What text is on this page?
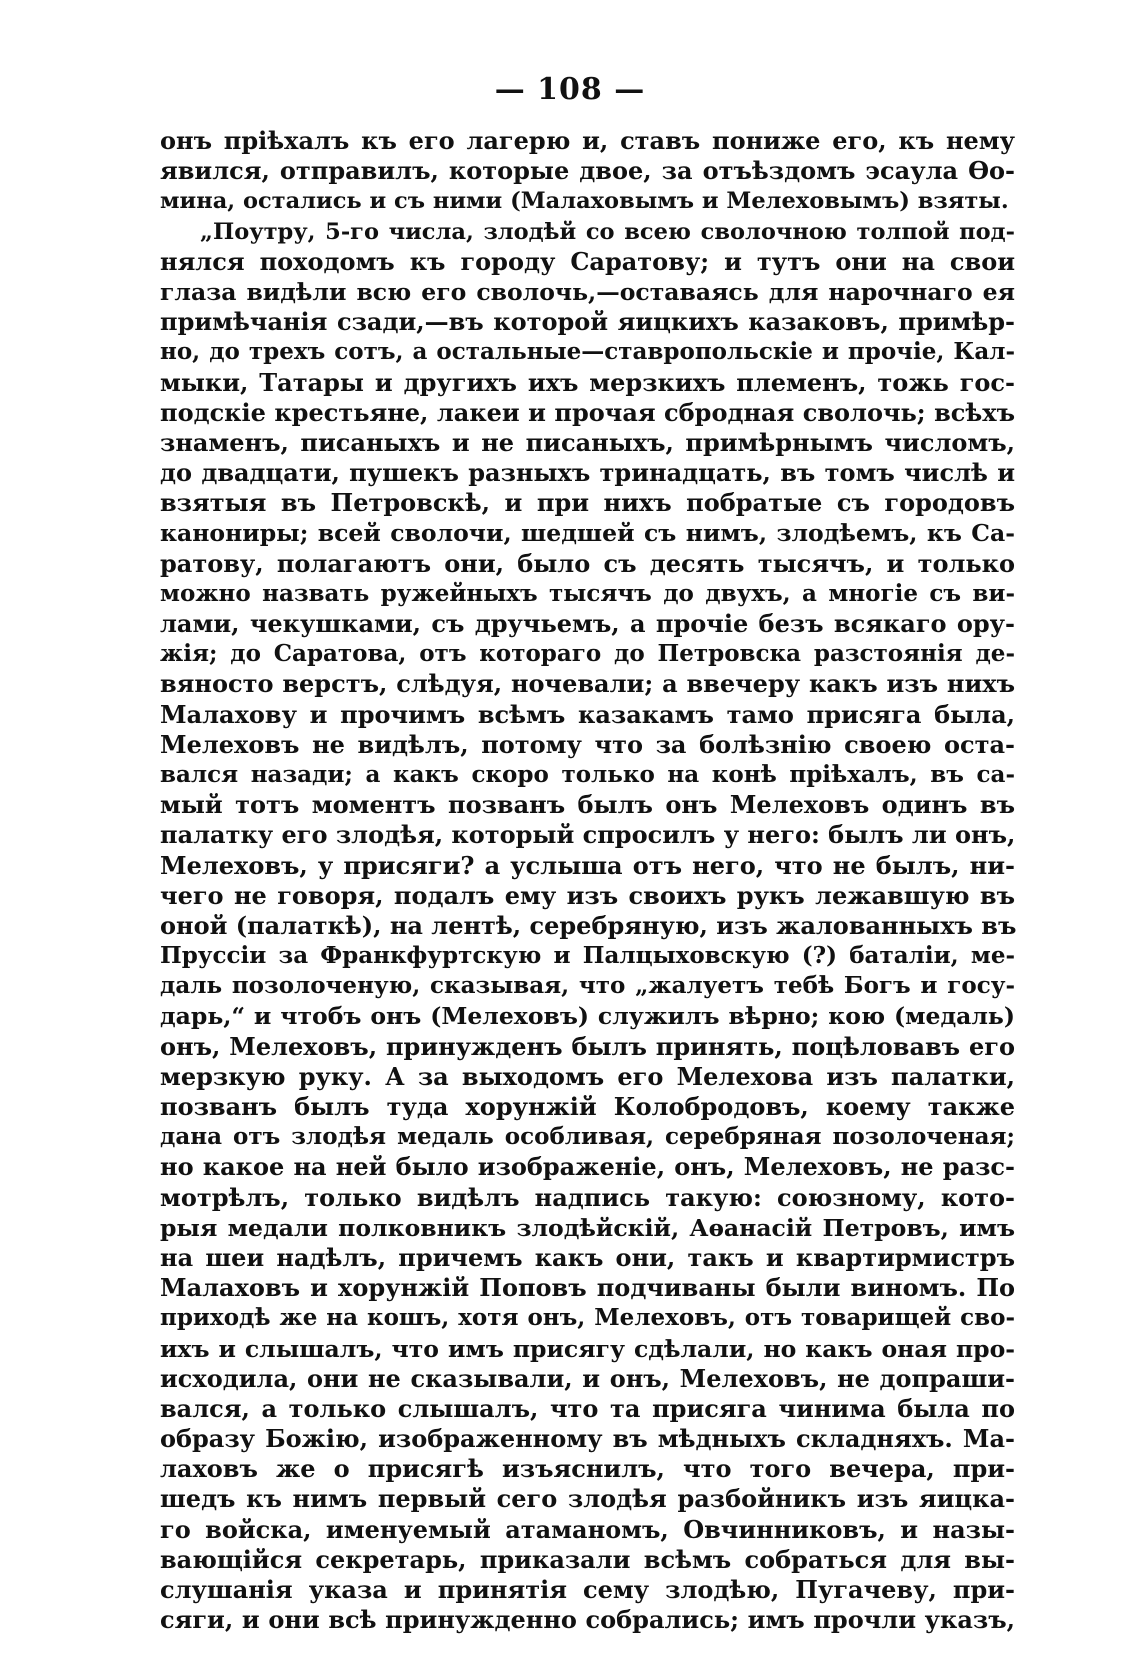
— 108 —
онъ пріѣхалъ къ его лагерю и, ставъ пониже его, къ нему
явился, отправилъ, которые двое, за отъѣздомъ эсаула Ѳо-
мина, остались и съ ними (Малаховымъ и Мелеховымъ) взяты.
„Поутру, 5-го числа, злодѣй со всею сволочною толпой под-
нялся походомъ къ городу Саратову; и тутъ они на свои
глаза видѣли всю его сволочь,—оставаясь для нарочнаго ея
примѣчанія сзади,—въ которой яицкихъ казаковъ, примѣр-
но, до трехъ сотъ, а остальные—ставропольскіе и прочіе, Кал-
мыки, Татары и другихъ ихъ мерзкихъ племенъ, тожь гос-
подскіе крестьяне, лакеи и прочая сбродная сволочь; всѣхъ
знаменъ, писаныхъ и не писаныхъ, примѣрнымъ числомъ,
до двадцати, пушекъ разныхъ тринадцать, въ томъ числѣ и
взятыя въ Петровскѣ, и при нихъ побратые съ городовъ
канониры; всей сволочи, шедшей съ нимъ, злодѣемъ, къ Са-
ратову, полагаютъ они, было съ десять тысячъ, и только
можно назвать ружейныхъ тысячъ до двухъ, а многіе съ ви-
лами, чекушками, съ дручьемъ, а прочіе безъ всякаго ору-
жія; до Саратова, отъ котораго до Петровска разстоянія де-
вяносто верстъ, слѣдуя, ночевали; а ввечеру какъ изъ нихъ
Малахову и прочимъ всѣмъ казакамъ тамо присяга была,
Мелеховъ не видѣлъ, потому что за болѣзнію своею оста-
вался назади; а какъ скоро только на конѣ пріѣхалъ, въ са-
мый тотъ моментъ позванъ былъ онъ Мелеховъ одинъ въ
палатку его злодѣя, который спросилъ у него: былъ ли онъ,
Мелеховъ, у присяги? а услыша отъ него, что не былъ, ни-
чего не говоря, подалъ ему изъ своихъ рукъ лежавшую въ
оной (палаткѣ), на лентѣ, серебряную, изъ жалованныхъ въ
Пруссіи за Франкфуртскую и Палцыховскую (?) баталіи, ме-
даль позолоченую, сказывая, что „жалуетъ тебѣ Богъ и госу-
дарь,“ и чтобъ онъ (Мелеховъ) служилъ вѣрно; кою (медаль)
онъ, Мелеховъ, принужденъ былъ принять, поцѣловавъ его
мерзкую руку. А за выходомъ его Мелехова изъ палатки,
позванъ былъ туда хорунжій Колобродовъ, коему также
дана отъ злодѣя медаль особливая, серебряная позолоченая;
но какое на ней было изображеніе, онъ, Мелеховъ, не разс-
мотрѣлъ, только видѣлъ надпись такую: союзному, кото-
рыя медали полковникъ злодѣйскій, Аѳанасій Петровъ, имъ
на шеи надѣлъ, причемъ какъ они, такъ и квартирмистръ
Малаховъ и хорунжій Поповъ подчиваны были виномъ. По
приходѣ же на кошъ, хотя онъ, Мелеховъ, отъ товарищей сво-
ихъ и слышалъ, что имъ присягу сдѣлали, но какъ оная про-
исходила, они не сказывали, и онъ, Мелеховъ, не допраши-
вался, а только слышалъ, что та присяга чинима была по
образу Божію, изображенному въ мѣдныхъ складняхъ. Ма-
лаховъ же о присягѣ изъяснилъ, что того вечера, при-
шедъ къ нимъ первый сего злодѣя разбойникъ изъ яицка-
го войска, именуемый атаманомъ, Овчинниковъ, и назы-
вающійся секретарь, приказали всѣмъ собраться для вы-
слушанія указа и принятія сему злодѣю, Пугачеву, при-
сяги, и они всѣ принужденно собрались; имъ прочли указъ,
